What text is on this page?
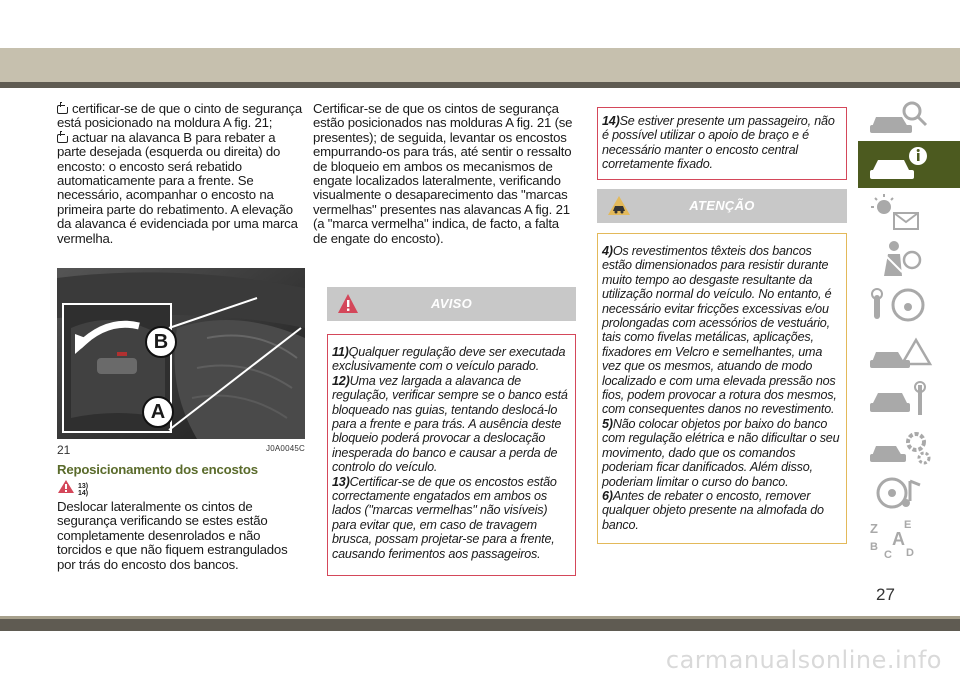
certificar-se de que o cinto de segurança está posicionado na moldura A fig. 21;
actuar na alavanca B para rebater a parte desejada (esquerda ou direita) do encosto: o encosto será rebatido automaticamente para a frente. Se necessário, acompanhar o encosto na primeira parte do rebatimento. A elevação da alavanca é evidenciada por uma marca vermelha.
B
A
21	J0A0045C
Reposicionamento dos encostos
13) 14)
Deslocar lateralmente os cintos de segurança verificando se estes estão completamente desenrolados e não torcidos e que não fiquem estrangulados por trás do encosto dos bancos.
Certificar-se de que os cintos de segurança estão posicionados nas molduras A fig. 21 (se presentes); de seguida, levantar os encostos empurrando-os para trás, até sentir o ressalto de bloqueio em ambos os mecanismos de engate localizados lateralmente, verificando visualmente o desaparecimento das "marcas vermelhas" presentes nas alavancas A fig. 21 (a "marca vermelha" indica, de facto, a falta de engate do encosto).
AVISO

11)Qualquer regulação deve ser executada exclusivamente com o veículo parado.

12)Uma vez largada a alavanca de regulação, verificar sempre se o banco está bloqueado nas guias, tentando deslocá-lo para a frente e para trás. A ausência deste bloqueio poderá provocar a deslocação inesperada do banco e causar a perda de controlo do veículo.

13)Certificar-se de que os encostos estão correctamente engatados em ambos os lados ("marcas vermelhas" não visíveis) para evitar que, em caso de travagem brusca, possam projetar-se para a frente, causando ferimentos aos passageiros.

14)Se estiver presente um passageiro, não é possível utilizar o apoio de braço e é necessário manter o encosto central corretamente fixado.

ATENÇÃO

4)Os revestimentos têxteis dos bancos estão dimensionados para resistir durante muito tempo ao desgaste resultante da utilização normal do veículo. No entanto, é necessário evitar fricções excessivas e/ou prolongadas com acessórios de vestuário, tais como fivelas metálicas, aplicações, fixadores em Velcro e semelhantes, uma vez que os mesmos, atuando de modo localizado e com uma elevada pressão nos fios, podem provocar a rotura dos mesmos, com consequentes danos no revestimento.

5)Não colocar objetos por baixo do banco com regulação elétrica e não dificultar o seu movimento, dado que os comandos poderiam ficar danificados. Além disso, poderiam limitar o curso do banco.

6)Antes de rebater o encosto, remover qualquer objeto presente na almofada do banco.	Z E
A
B
C D
27
carmanualsonline.info
